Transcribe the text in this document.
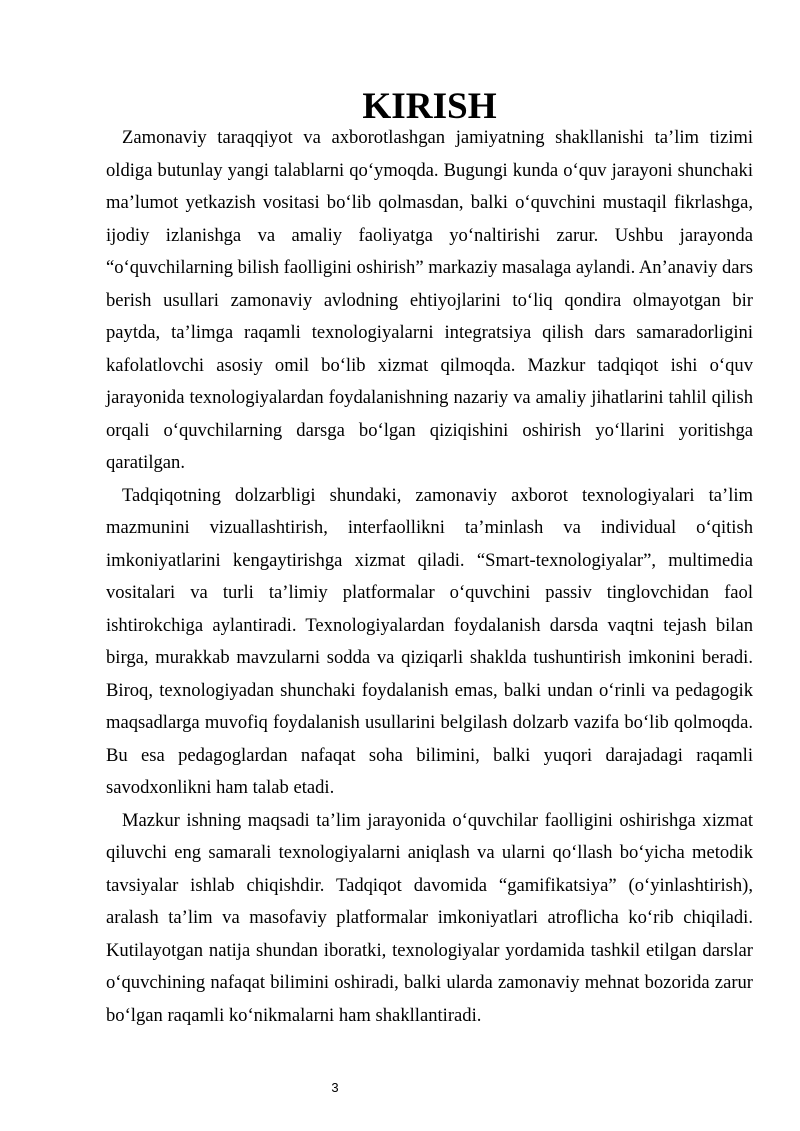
KIRISH

Zamonaviy taraqqiyot va axborotlashgan jamiyatning shakllanishi ta’lim tizimi oldiga butunlay yangi talablarni qo‘ymoqda. Bugungi kunda o‘quv jarayoni shunchaki ma’lumot yetkazish vositasi bo‘lib qolmasdan, balki o‘quvchini mustaqil fikrlashga, ijodiy izlanishga va amaliy faoliyatga yo‘naltirishi zarur. Ushbu jarayonda “o‘quvchilarning bilish faolligini oshirish” markaziy masalaga aylandi. An’anaviy dars berish usullari zamonaviy avlodning ehtiyojlarini to‘liq qondira olmayotgan bir paytda, ta’limga raqamli texnologiyalarni integratsiya qilish dars samaradorligini kafolatlovchi asosiy omil bo‘lib xizmat qilmoqda. Mazkur tadqiqot ishi o‘quv jarayonida texnologiyalardan foydalanishning nazariy va amaliy jihatlarini tahlil qilish orqali o‘quvchilarning darsga bo‘lgan qiziqishini oshirish yo‘llarini yoritishga qaratilgan.

Tadqiqotning dolzarbligi shundaki, zamonaviy axborot texnologiyalari ta’lim mazmunini vizuallashtirish, interfaollikni ta’minlash va individual o‘qitish imkoniyatlarini kengaytirishga xizmat qiladi. “Smart-texnologiyalar”, multimedia vositalari va turli ta’limiy platformalar o‘quvchini passiv tinglovchidan faol ishtirokchiga aylantiradi. Texnologiyalardan foydalanish darsda vaqtni tejash bilan birga, murakkab mavzularni sodda va qiziqarli shaklda tushuntirish imkonini beradi. Biroq, texnologiyadan shunchaki foydalanish emas, balki undan o‘rinli va pedagogik maqsadlarga muvofiq foydalanish usullarini belgilash dolzarb vazifa bo‘lib qolmoqda. Bu esa pedagoglardan nafaqat soha bilimini, balki yuqori darajadagi raqamli savodxonlikni ham talab etadi.

Mazkur ishning maqsadi ta’lim jarayonida o‘quvchilar faolligini oshirishga xizmat qiluvchi eng samarali texnologiyalarni aniqlash va ularni qo‘llash bo‘yicha metodik tavsiyalar ishlab chiqishdir. Tadqiqot davomida “gamifikatsiya” (o‘yinlashtirish), aralash ta’lim va masofaviy platformalar imkoniyatlari atroflicha ko‘rib chiqiladi. Kutilayotgan natija shundan iboratki, texnologiyalar yordamida tashkil etilgan darslar o‘quvchining nafaqat bilimini oshiradi, balki ularda zamonaviy mehnat bozorida zarur bo‘lgan raqamli ko‘nikmalarni ham shakllantiradi.

3
